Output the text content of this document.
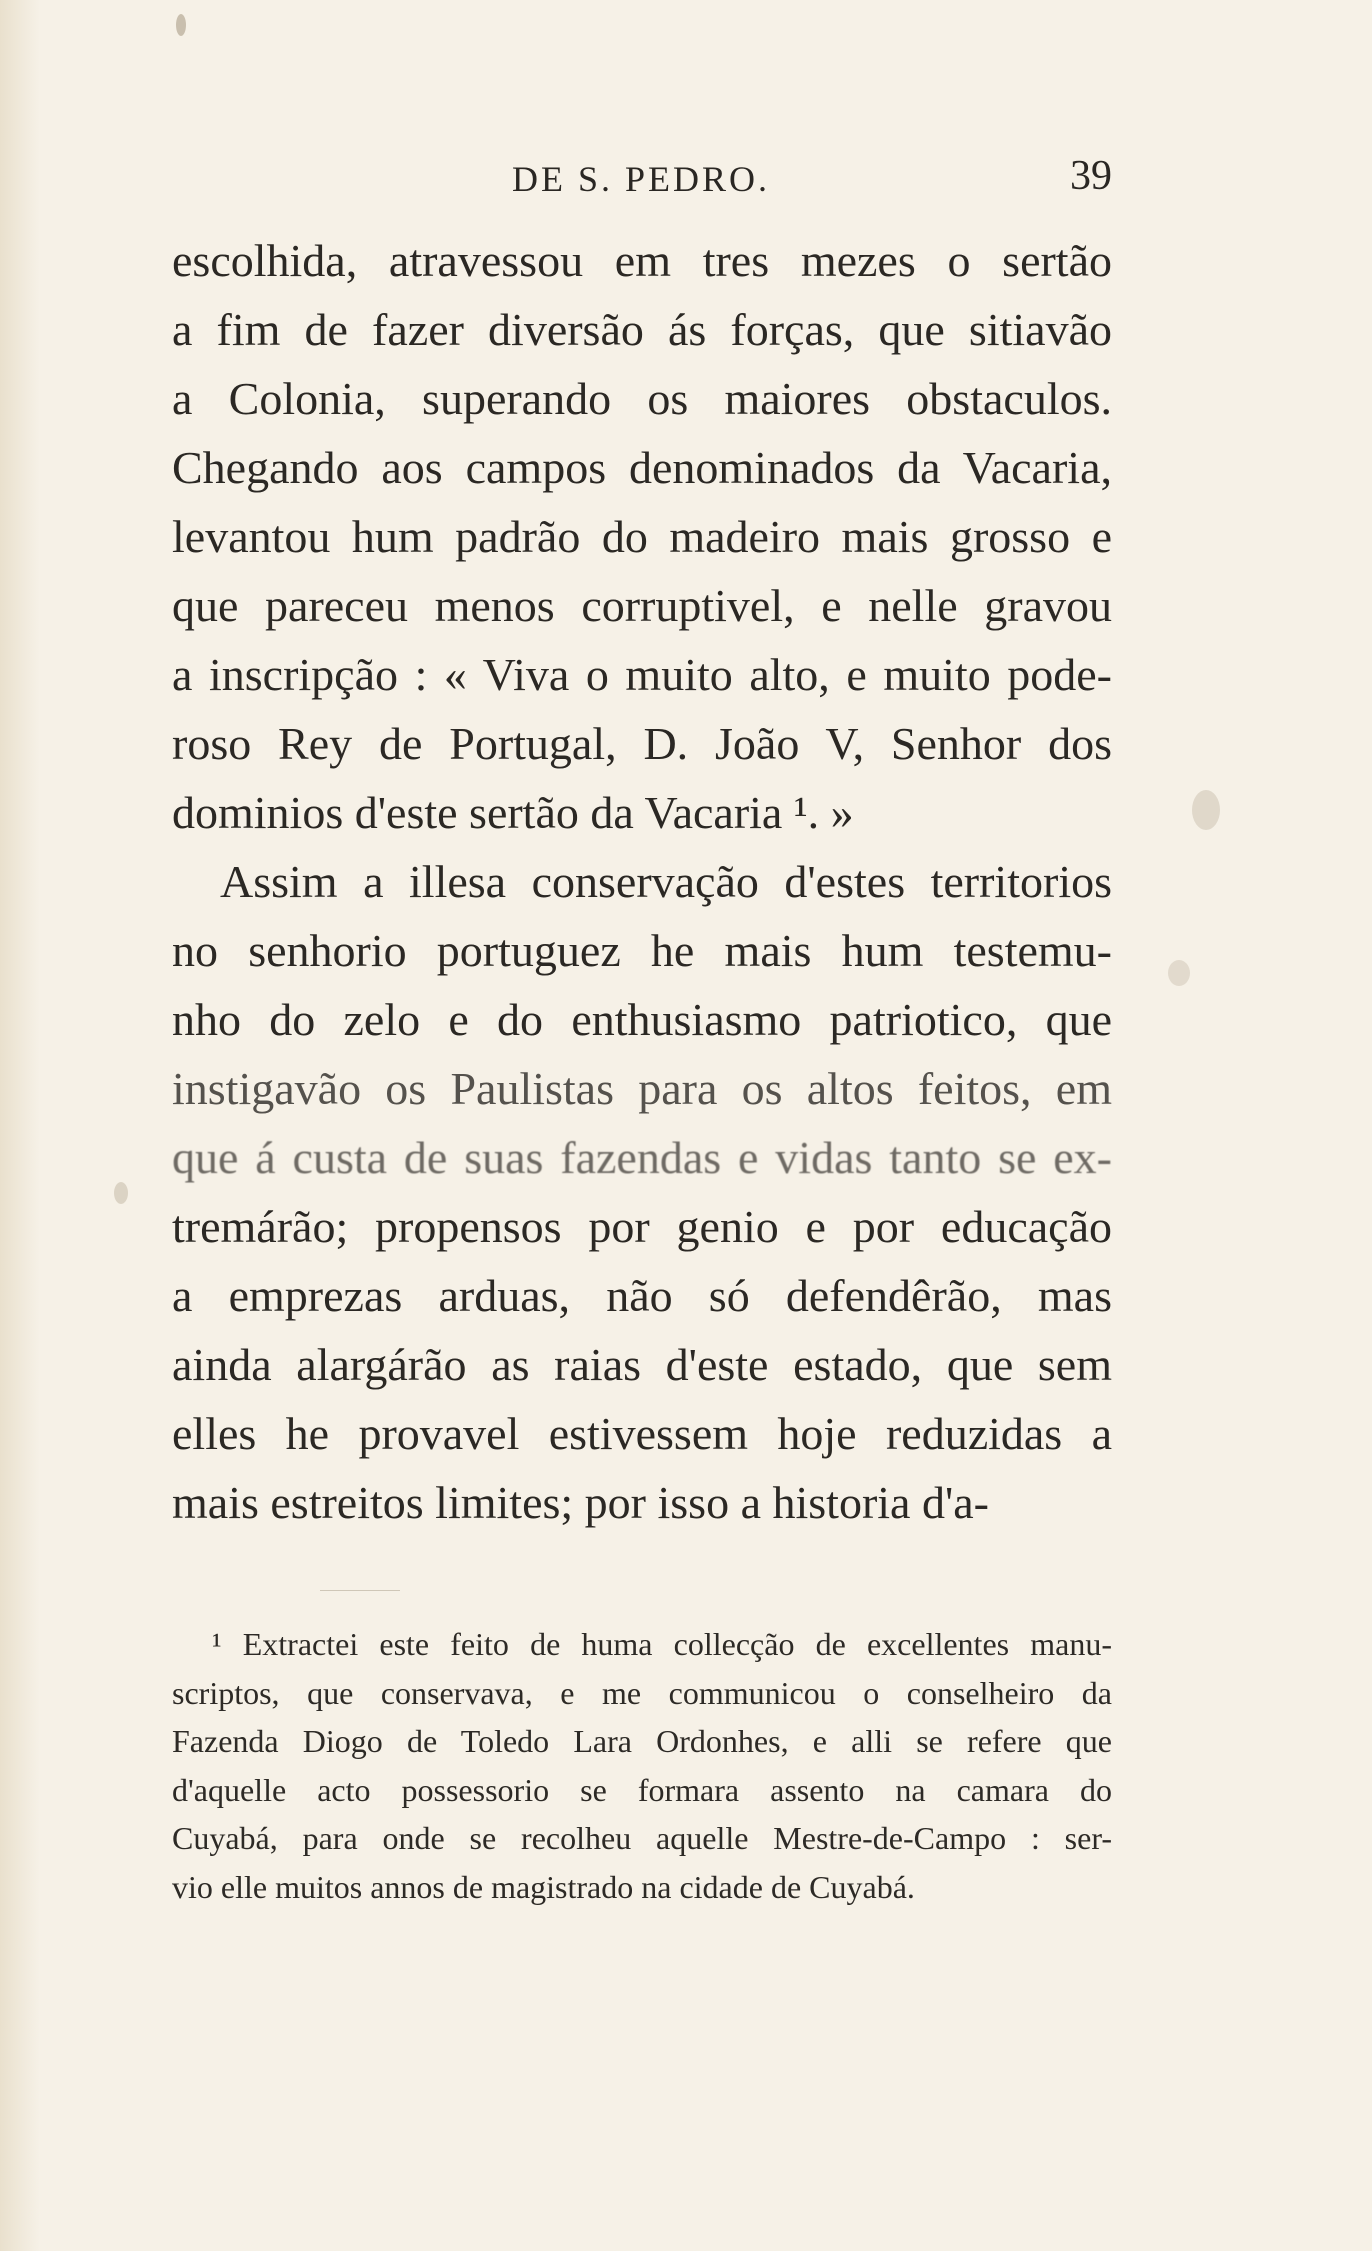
DE S. PEDRO.	39
escolhida, atravessou em tres mezes o sertão
a fim de fazer diversão ás forças, que sitiavão
a Colonia, superando os maiores obstaculos.
Chegando aos campos denominados da Vacaria,
levantou hum padrão do madeiro mais grosso e
que pareceu menos corruptivel, e nelle gravou
a inscripção : « Viva o muito alto, e muito pode-
roso Rey de Portugal, D. João V, Senhor dos
dominios d'este sertão da Vacaria ¹. »
Assim a illesa conservação d'estes territorios
no senhorio portuguez he mais hum testemu-
nho do zelo e do enthusiasmo patriotico, que
instigavão os Paulistas para os altos feitos, em
que á custa de suas fazendas e vidas tanto se ex-
tremárão; propensos por genio e por educação
a emprezas arduas, não só defendêrão, mas
ainda alargárão as raias d'este estado, que sem
elles he provavel estivessem hoje reduzidas a
mais estreitos limites; por isso a historia d'a-
¹ Extractei este feito de huma collecção de excellentes manu-
scriptos, que conservava, e me communicou o conselheiro da
Fazenda Diogo de Toledo Lara Ordonhes, e alli se refere que
d'aquelle acto possessorio se formara assento na camara do
Cuyabá, para onde se recolheu aquelle Mestre-de-Campo : ser-
vio elle muitos annos de magistrado na cidade de Cuyabá.
